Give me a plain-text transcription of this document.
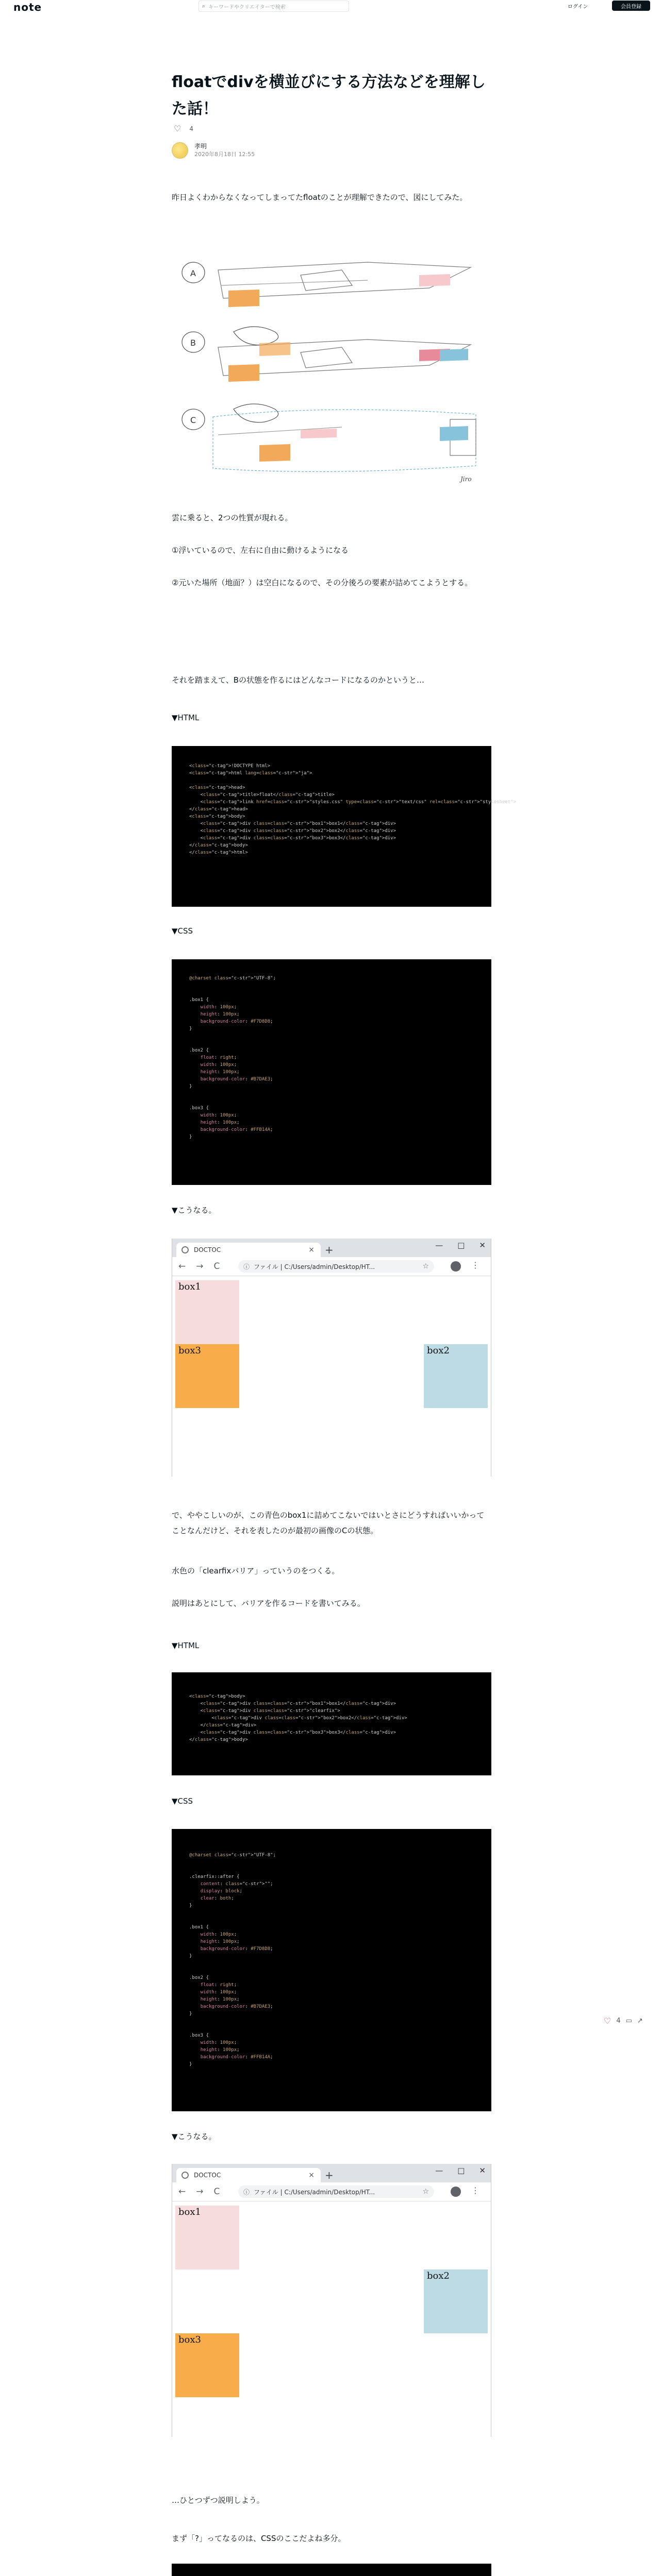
note	⌕ キーワードやクリエイターで検索	ログイン	会員登録
floatでdivを横並びにする方法などを理解した話！
♡ 4
孝明
2020年8月18日 12:55

昨日よくわからなくなってしまってたfloatのことが理解できたので、図にしてみた。

A
B
C
Jiro

雲に乗ると、2つの性質が現れる。

①浮いているので、左右に自由に動けるようになる

②元いた場所（地面？）は空白になるので、その分後ろの要素が詰めてこようとする。

それを踏まえて、Bの状態を作るにはどんなコードになるのかというと…

▼HTML
<class="c-tag">!DOCTYPE html>
<class="c-tag">html lang=class="c-str">"ja">

<class="c-tag">head>
<class="c-tag">title>float</class="c-tag">title>
<class="c-tag">link href=class="c-str">"styles.css" type=class="c-str">"text/css" rel=class="c-str">"stylesheet">
</class="c-tag">head>
<class="c-tag">body>
<class="c-tag">div class=class="c-str">"box1">box1</class="c-tag">div>
<class="c-tag">div class=class="c-str">"box2">box2</class="c-tag">div>
<class="c-tag">div class=class="c-str">"box3">box3</class="c-tag">div>
</class="c-tag">body>
</class="c-tag">html>
▼CSS
@charset class="c-str">"UTF-8";

.box1 {
width: 100px;
height: 100px;
background-color: #F7D8D8;
}

.box2 {
float: right;
width: 100px;
height: 100px;
background-color: #B7DAE3;
}

.box3 {
width: 100px;
height: 100px;
background-color: #FFB14A;
}
▼こうなる。
DOCTOC	× +	— □ ✕
← → C	ⓘ ファイル | C:/Users/admin/Desktop/HT...	☆	⋮
box1
box3	box2

で、ややこしいのが、この青色のbox1に詰めてこないではいとさにどうすればいいかってことなんだけど、それを表したのが最初の画像のCの状態。

水色の「clearfixバリア」っていうのをつくる。

説明はあとにして、バリアを作るコードを書いてみる。

▼HTML
<class="c-tag">body>
<class="c-tag">div class=class="c-str">"box1">box1</class="c-tag">div>
<class="c-tag">div class=class="c-str">"clearfix">
<class="c-tag">div class=class="c-str">"box2">box2</class="c-tag">div>
</class="c-tag">div>
<class="c-tag">div class=class="c-str">"box3">box3</class="c-tag">div>
</class="c-tag">body>
▼CSS
@charset class="c-str">"UTF-8";

.clearfix::after {
content: class="c-str">"";
display: block;
clear: both;
}

.box1 {
width: 100px;
height: 100px;
background-color: #F7D8D8;
}

.box2 {
float: right;
width: 100px;
height: 100px;
background-color: #B7DAE3;
}

.box3 {
width: 100px;
height: 100px;
background-color: #FFB14A;
}
▼こうなる。
DOCTOC	× +	— □ ✕
← → C	ⓘ ファイル | C:/Users/admin/Desktop/HT...	☆	⋮
box1
box2
box3

…ひとつずつ説明しよう。

まず「?」ってなるのは、CSSのここだよね多分。

♡ 4 ▭ ↗
